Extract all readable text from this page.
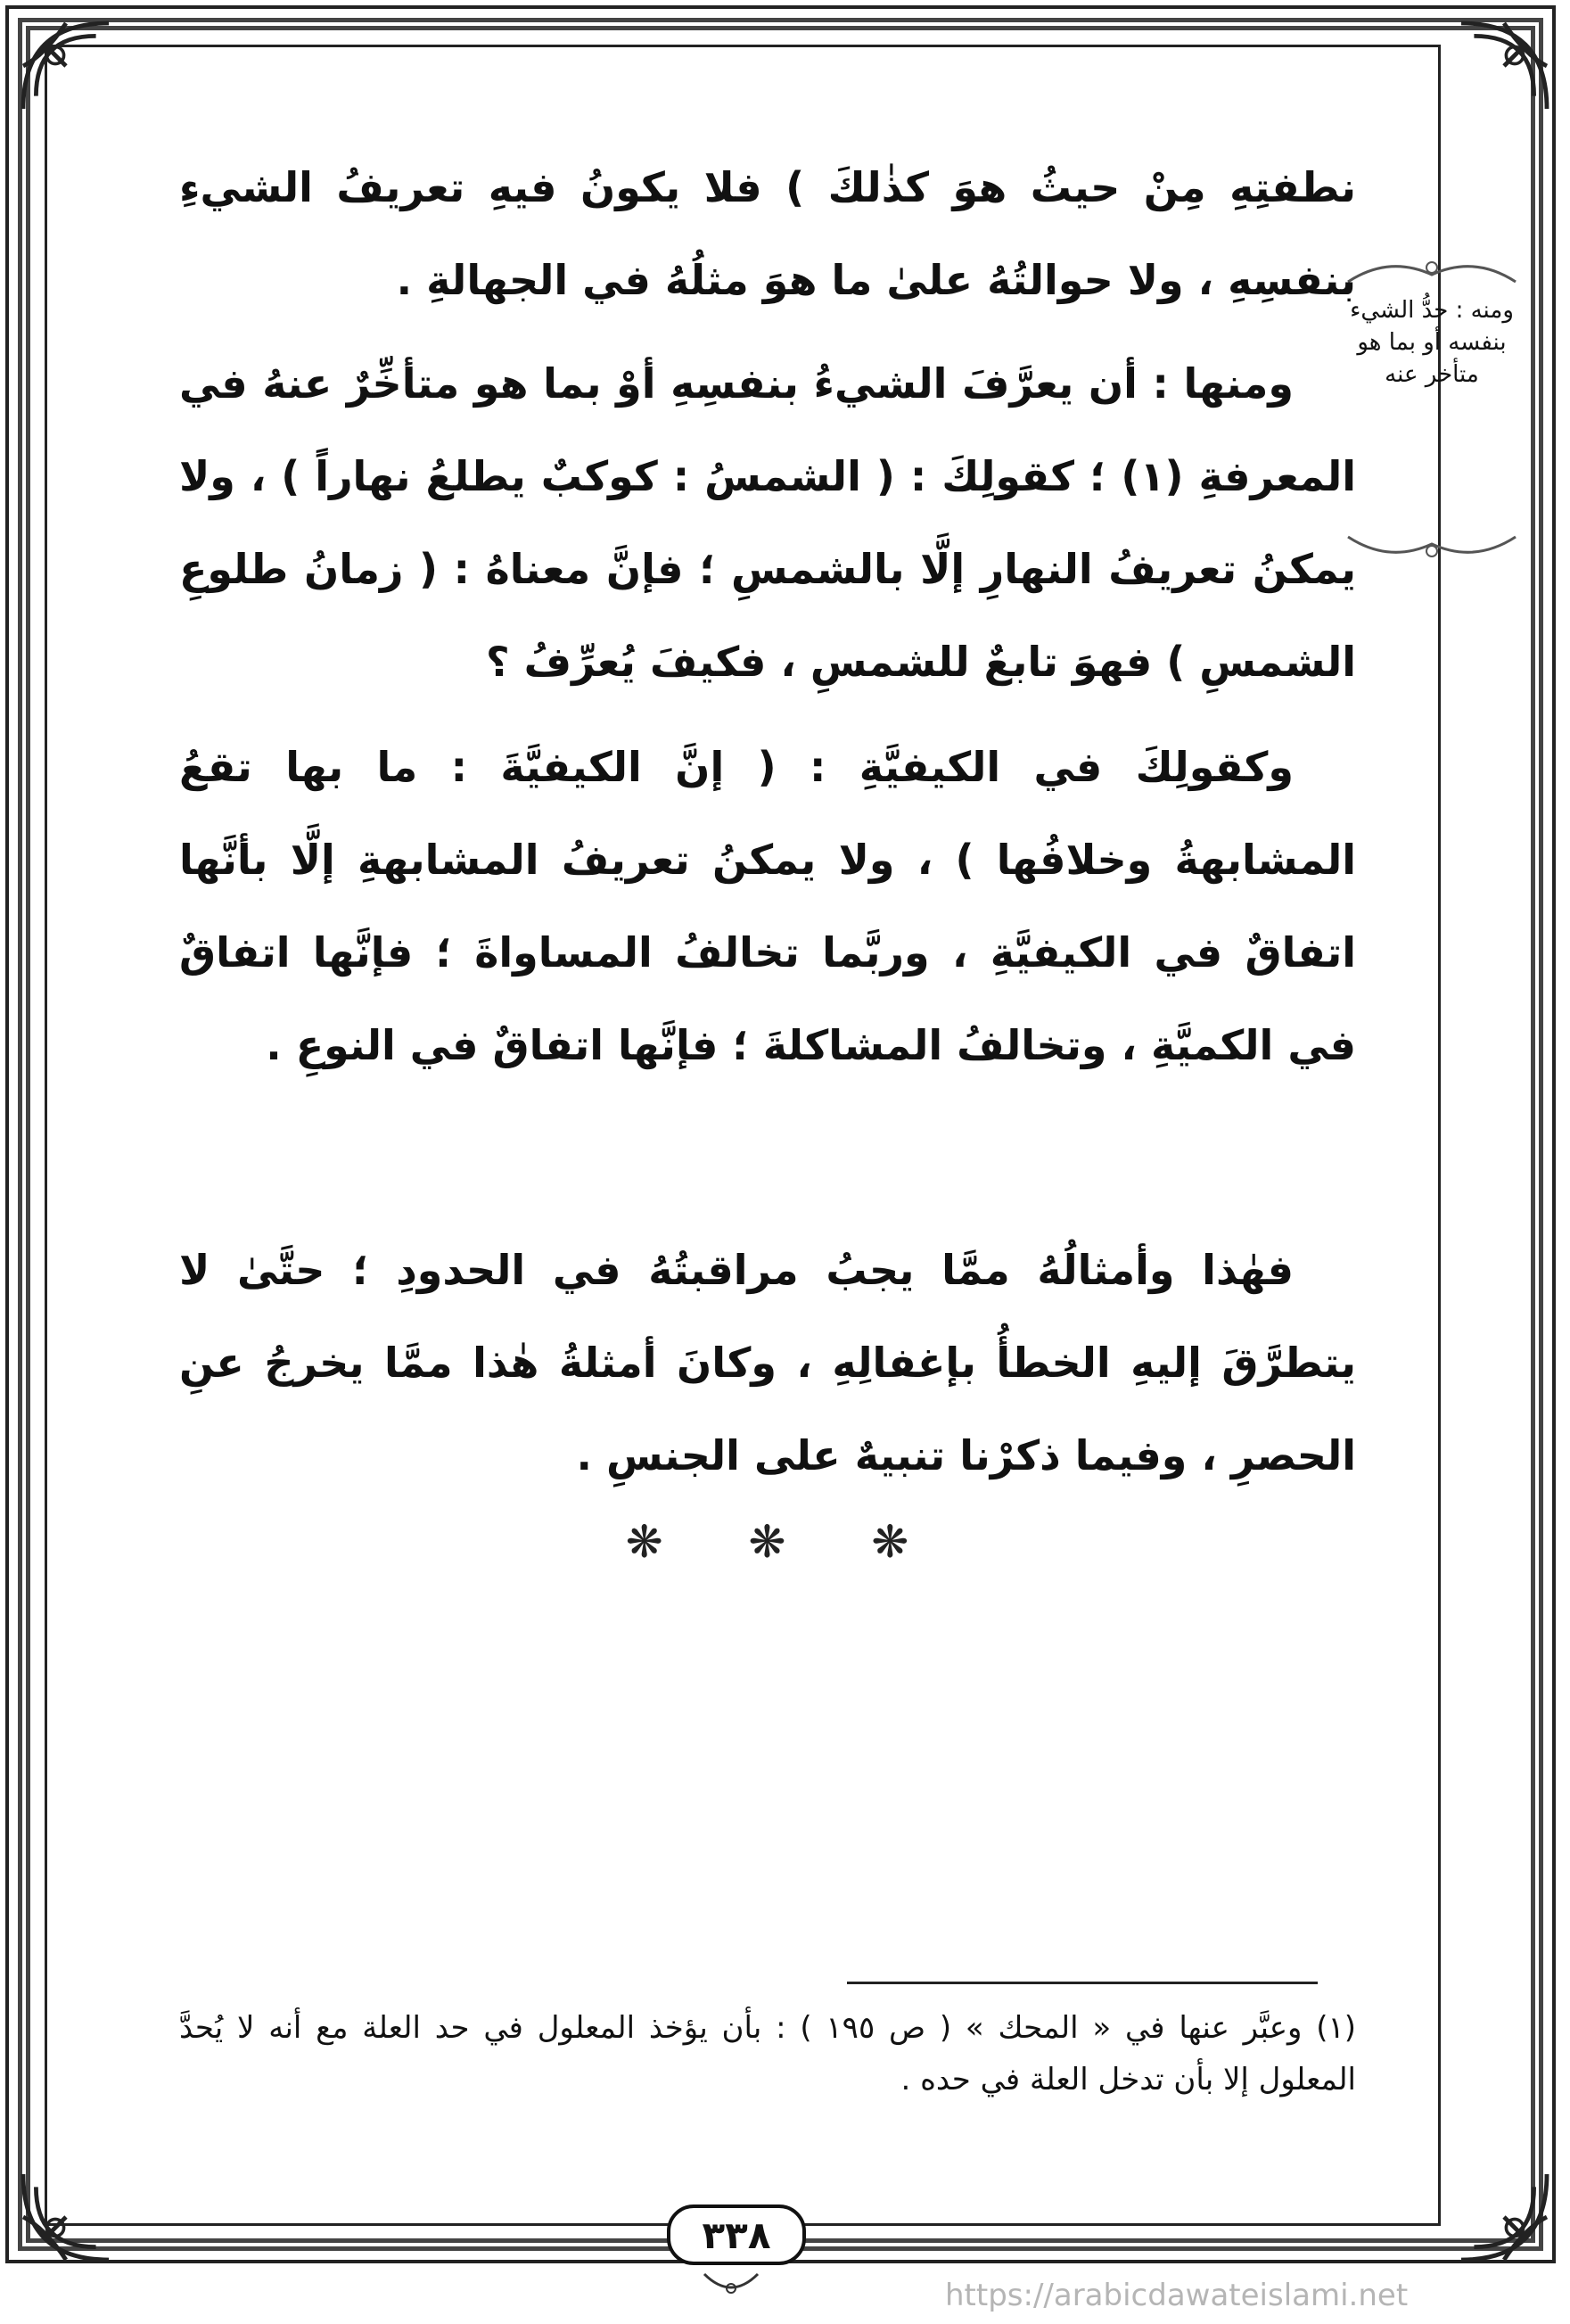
ومنه : حدُّ الشيء بنفسه أو بما هو متأخر عنه
نطفتِهِ مِنْ حيثُ هوَ كذٰلكَ ) فلا يكونُ فيهِ تعريفُ الشيءِ بنفسِهِ ، ولا حوالتُهُ علىٰ ما هوَ مثلُهُ في الجهالةِ .
ومنها : أن يعرَّفَ الشيءُ بنفسِهِ أوْ بما هو متأخِّرٌ عنهُ في المعرفةِ (١) ؛ كقولِكَ : ( الشمسُ : كوكبٌ يطلعُ نهاراً ) ، ولا يمكنُ تعريفُ النهارِ إلَّا بالشمسِ ؛ فإنَّ معناهُ : ( زمانُ طلوعِ الشمسِ ) فهوَ تابعٌ للشمسِ ، فكيفَ يُعرِّفُ ؟
وكقولِكَ في الكيفيَّةِ : ( إنَّ الكيفيَّةَ : ما بها تقعُ المشابهةُ وخلافُها ) ، ولا يمكنُ تعريفُ المشابهةِ إلَّا بأنَّها اتفاقٌ في الكيفيَّةِ ، وربَّما تخالفُ المساواةَ ؛ فإنَّها اتفاقٌ في الكميَّةِ ، وتخالفُ المشاكلةَ ؛ فإنَّها اتفاقٌ في النوعِ .
فهٰذا وأمثالُهُ ممَّا يجبُ مراقبتُهُ في الحدودِ ؛ حتَّىٰ لا يتطرَّقَ إليهِ الخطأُ بإغفالِهِ ، وكانَ أمثلةُ هٰذا ممَّا يخرجُ عنِ الحصرِ ، وفيما ذكرْنا تنبيهٌ على الجنسِ .
❋ ❋ ❋
(١) وعبَّر عنها في « المحك » ( ص ١٩٥ ) : بأن يؤخذ المعلول في حد العلة مع أنه لا يُحدَّ المعلول إلا بأن تدخل العلة في حده .
٣٣٨
https://arabicdawateislami.net
